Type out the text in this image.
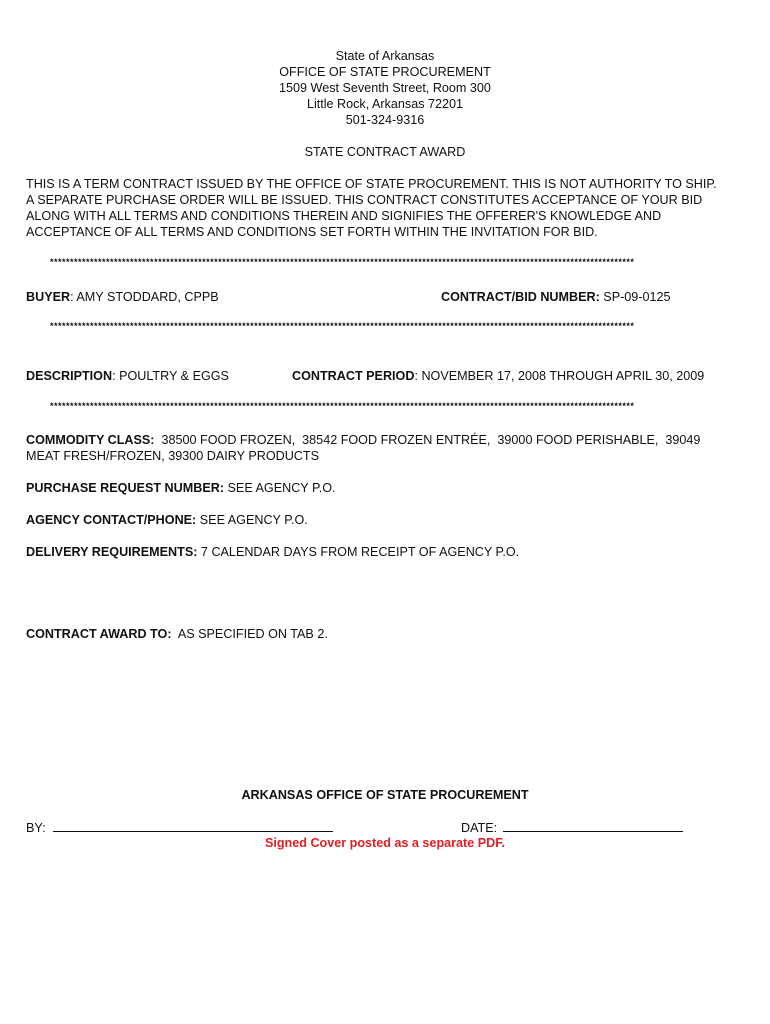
State of Arkansas
OFFICE OF STATE PROCUREMENT
1509 West Seventh Street, Room 300
Little Rock, Arkansas 72201
501-324-9316
STATE CONTRACT AWARD
THIS IS A TERM CONTRACT ISSUED BY THE OFFICE OF STATE PROCUREMENT. THIS IS NOT AUTHORITY TO SHIP.
A SEPARATE PURCHASE ORDER WILL BE ISSUED. THIS CONTRACT CONSTITUTES ACCEPTANCE OF YOUR BID
ALONG WITH ALL TERMS AND CONDITIONS THEREIN AND SIGNIFIES THE OFFERER'S KNOWLEDGE AND
ACCEPTANCE OF ALL TERMS AND CONDITIONS SET FORTH WITHIN THE INVITATION FOR BID.
**************************************************************************************************************************************************
BUYER: AMY STODDARD, CPPB	CONTRACT/BID NUMBER: SP-09-0125
**************************************************************************************************************************************************
DESCRIPTION: POULTRY & EGGS	CONTRACT PERIOD: NOVEMBER 17, 2008 THROUGH APRIL 30, 2009
**************************************************************************************************************************************************
COMMODITY CLASS:  38500 FOOD FROZEN,  38542 FOOD FROZEN ENTRÉE,  39000 FOOD PERISHABLE,  39049
MEAT FRESH/FROZEN, 39300 DAIRY PRODUCTS
PURCHASE REQUEST NUMBER: SEE AGENCY P.O.
AGENCY CONTACT/PHONE: SEE AGENCY P.O.
DELIVERY REQUIREMENTS: 7 CALENDAR DAYS FROM RECEIPT OF AGENCY P.O.
CONTRACT AWARD TO:  AS SPECIFIED ON TAB 2.
ARKANSAS OFFICE OF STATE PROCUREMENT
BY:	DATE:
Signed Cover posted as a separate PDF.
